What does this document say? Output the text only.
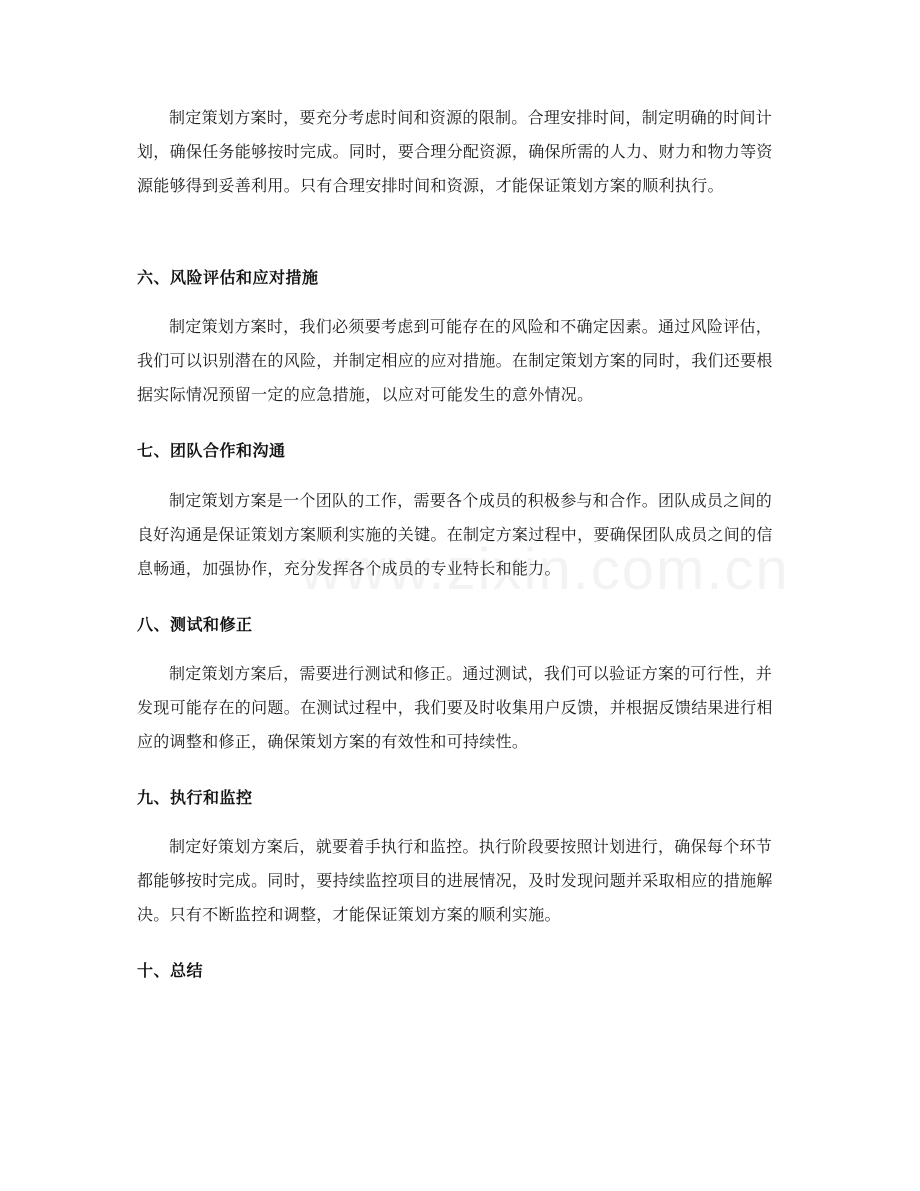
制定策划方案时，要充分考虑时间和资源的限制。合理安排时间，制定明确的时间计划，确保任务能够按时完成。同时，要合理分配资源，确保所需的人力、财力和物力等资源能够得到妥善利用。只有合理安排时间和资源，才能保证策划方案的顺利执行。

六、风险评估和应对措施

制定策划方案时，我们必须要考虑到可能存在的风险和不确定因素。通过风险评估，我们可以识别潜在的风险，并制定相应的应对措施。在制定策划方案的同时，我们还要根据实际情况预留一定的应急措施，以应对可能发生的意外情况。

七、团队合作和沟通

制定策划方案是一个团队的工作，需要各个成员的积极参与和合作。团队成员之间的良好沟通是保证策划方案顺利实施的关键。在制定方案过程中，要确保团队成员之间的信息畅通，加强协作，充分发挥各个成员的专业特长和能力。

八、测试和修正

制定策划方案后，需要进行测试和修正。通过测试，我们可以验证方案的可行性，并发现可能存在的问题。在测试过程中，我们要及时收集用户反馈，并根据反馈结果进行相应的调整和修正，确保策划方案的有效性和可持续性。

九、执行和监控

制定好策划方案后，就要着手执行和监控。执行阶段要按照计划进行，确保每个环节都能够按时完成。同时，要持续监控项目的进展情况，及时发现问题并采取相应的措施解决。只有不断监控和调整，才能保证策划方案的顺利实施。

十、总结
